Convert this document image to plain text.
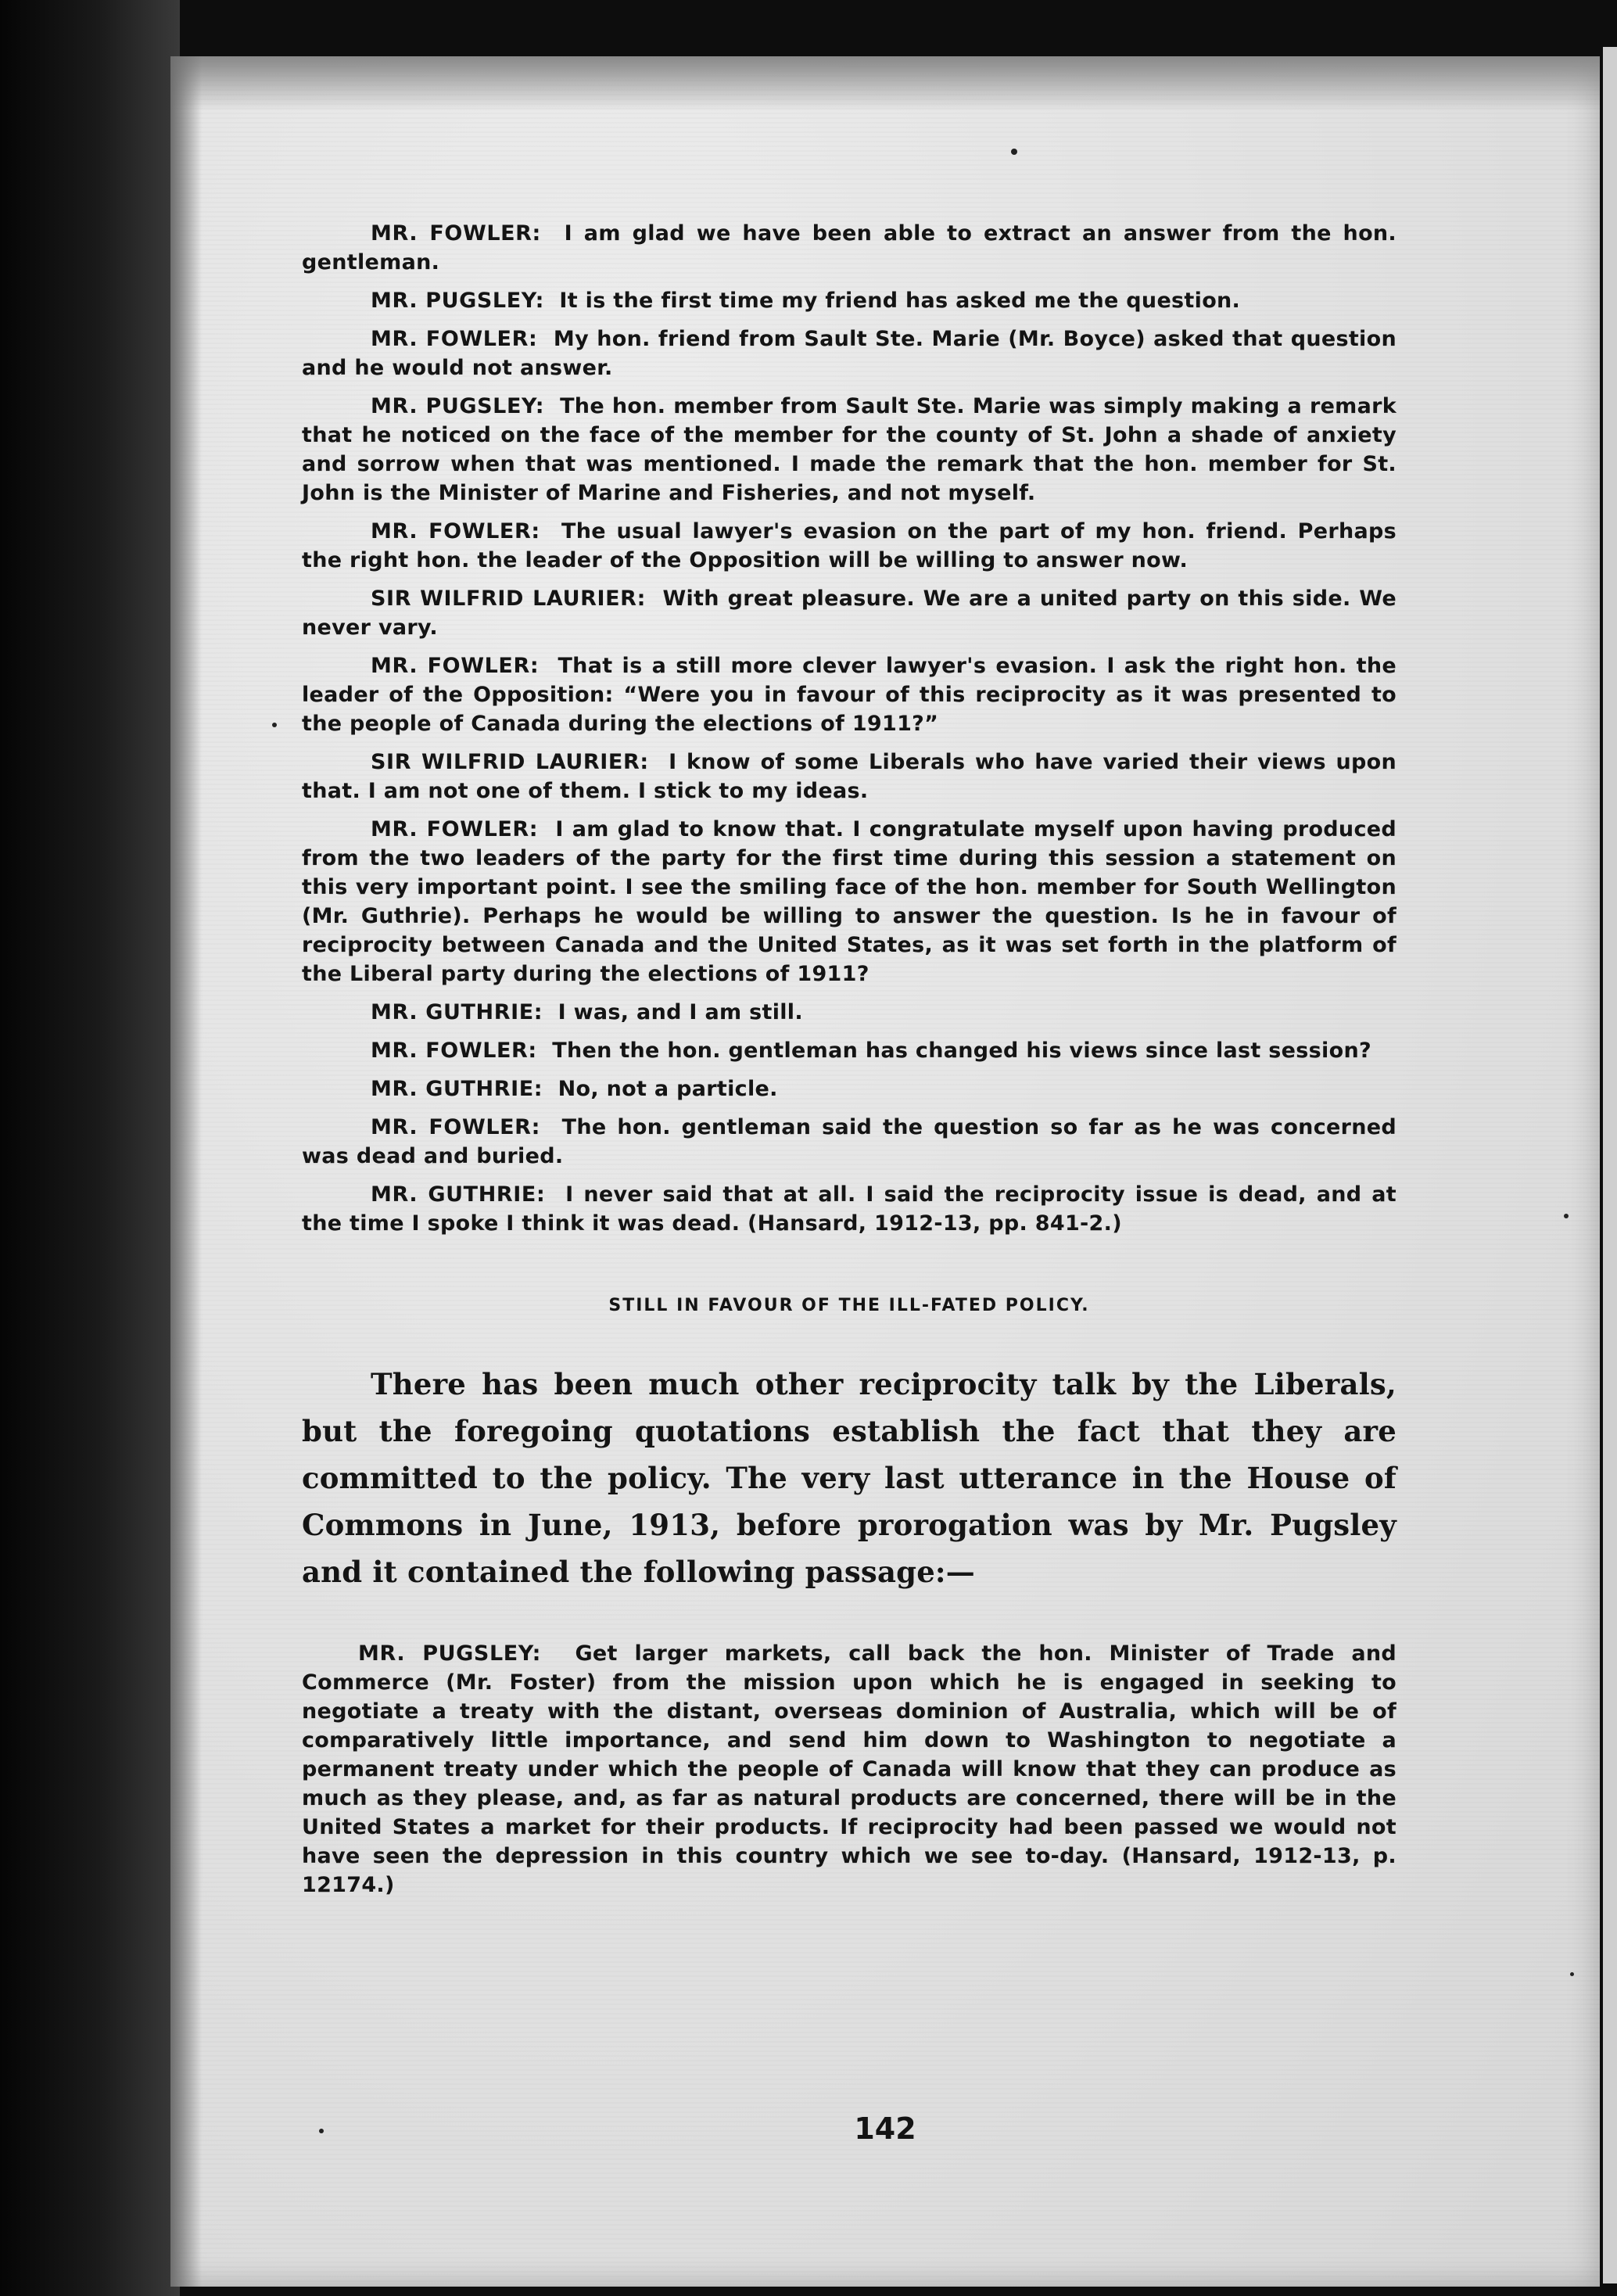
MR. FOWLER: I am glad we have been able to extract an answer from the hon. gentleman.

MR. PUGSLEY: It is the first time my friend has asked me the question.

MR. FOWLER: My hon. friend from Sault Ste. Marie (Mr. Boyce) asked that question and he would not answer.

MR. PUGSLEY: The hon. member from Sault Ste. Marie was simply making a remark that he noticed on the face of the member for the county of St. John a shade of anxiety and sorrow when that was mentioned. I made the remark that the hon. member for St. John is the Minister of Marine and Fisheries, and not myself.

MR. FOWLER: The usual lawyer's evasion on the part of my hon. friend. Perhaps the right hon. the leader of the Opposition will be willing to answer now.

SIR WILFRID LAURIER: With great pleasure. We are a united party on this side. We never vary.

MR. FOWLER: That is a still more clever lawyer's evasion. I ask the right hon. the leader of the Opposition: “Were you in favour of this reciprocity as it was presented to the people of Canada during the elections of 1911?”

SIR WILFRID LAURIER: I know of some Liberals who have varied their views upon that. I am not one of them. I stick to my ideas.

MR. FOWLER: I am glad to know that. I congratulate myself upon having produced from the two leaders of the party for the first time during this session a statement on this very important point. I see the smiling face of the hon. member for South Wellington (Mr. Guthrie). Perhaps he would be willing to answer the question. Is he in favour of reciprocity between Canada and the United States, as it was set forth in the platform of the Liberal party during the elections of 1911?

MR. GUTHRIE: I was, and I am still.

MR. FOWLER: Then the hon. gentleman has changed his views since last session?

MR. GUTHRIE: No, not a particle.

MR. FOWLER: The hon. gentleman said the question so far as he was concerned was dead and buried.

MR. GUTHRIE: I never said that at all. I said the reciprocity issue is dead, and at the time I spoke I think it was dead. (Hansard, 1912-13, pp. 841-2.)

STILL IN FAVOUR OF THE ILL-FATED POLICY.

There has been much other reciprocity talk by the Liberals, but the foregoing quotations establish the fact that they are committed to the policy. The very last utterance in the House of Commons in June, 1913, before prorogation was by Mr. Pugsley and it contained the following passage:—

MR. PUGSLEY: Get larger markets, call back the hon. Minister of Trade and Commerce (Mr. Foster) from the mission upon which he is engaged in seeking to negotiate a treaty with the distant, overseas dominion of Australia, which will be of comparatively little importance, and send him down to Washington to negotiate a permanent treaty under which the people of Canada will know that they can produce as much as they please, and, as far as natural products are concerned, there will be in the United States a market for their products. If reciprocity had been passed we would not have seen the depression in this country which we see to-day. (Hansard, 1912-13, p. 12174.)

142
